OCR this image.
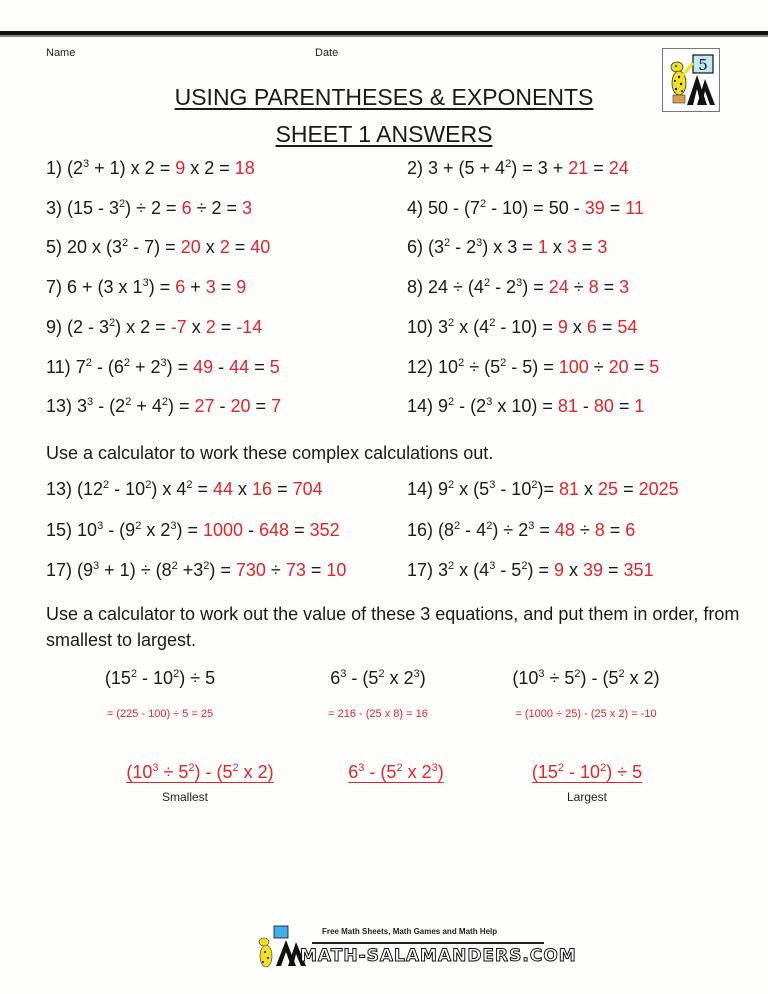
Name	Date
5
USING PARENTHESES & EXPONENTS
SHEET 1 ANSWERS
1) $(2^3 + 1)$ x 2 = 9 x 2 = 18	2) $3 + (5 + 4^2) = 3 + 21 = 24$
3) $(15 - 3^2) \div 2 = 6 \div 2 = 3$	4) $50 - (7^2 - 10) = 50 - 39 = 11$
5) 20 x $(3^2 - 7) = 20$ x 2 = 40	6) $(3^2 - 2^3)$ x 3 = 1 x 3 = 3
7) 6 + (3 x $1^3) = 6 + 3 = 9$	8) $24 \div (4^2 - 2^3) = 24 \div 8 = 3$
9) $(2 - 3^2)$ x 2 = -7 x 2 = -14	10) $3^2$ x $(4^2 - 10) = 9$ x 6 = 54
11) $7^2 - (6^2 + 2^3) = 49 - 44 = 5$	12) $10^2 \div (5^2 - 5) = 100 \div 20 = 5$
13) $3^3 - (2^2 + 4^2) = 27 - 20 = 7$	14) $9^2 - (2^3$ x 10) = 81 - 80 = 1
Use a calculator to work these complex calculations out.
13) $(12^2 - 10^2)$ x $4^2 = 44$ x 16 = 704	14) $9^2$ x $(5^3 - 10^2)= 81$ x 25 = 2025
15) $10^3 - (9^2$ x $2^3) = 1000 - 648 = 352$	16) $(8^2 - 4^2) \div 2^3 = 48 \div 8 = 6$
17) $(9^3 + 1) \div (8^2 +3^2) = 730 \div 73 = 10$	17) $3^2$ x $(4^3 - 5^2) = 9$ x 39 = 351
Use a calculator to work out the value of these 3 equations, and put them in order, from smallest to largest.
$(15^2 - 10^2) \div 5$
= (225 - 100) ÷ 5 = 25
$6^3 - (5^2$ x $2^3$)
= 216 - (25 x 8) = 16
$(10^3 \div 5^2) - (5^2$ x 2)
= (1000 ÷ 25) - (25 x 2) = -10
$(10^3 \div 5^2) - (5^2$ x 2)
Smallest
$6^3 - (5^2$ x $2^3$)	$(15^2 - 10^2) \div 5$
Largest
Free Math Sheets, Math Games and Math Help
MATH-SALAMANDERS.COM
